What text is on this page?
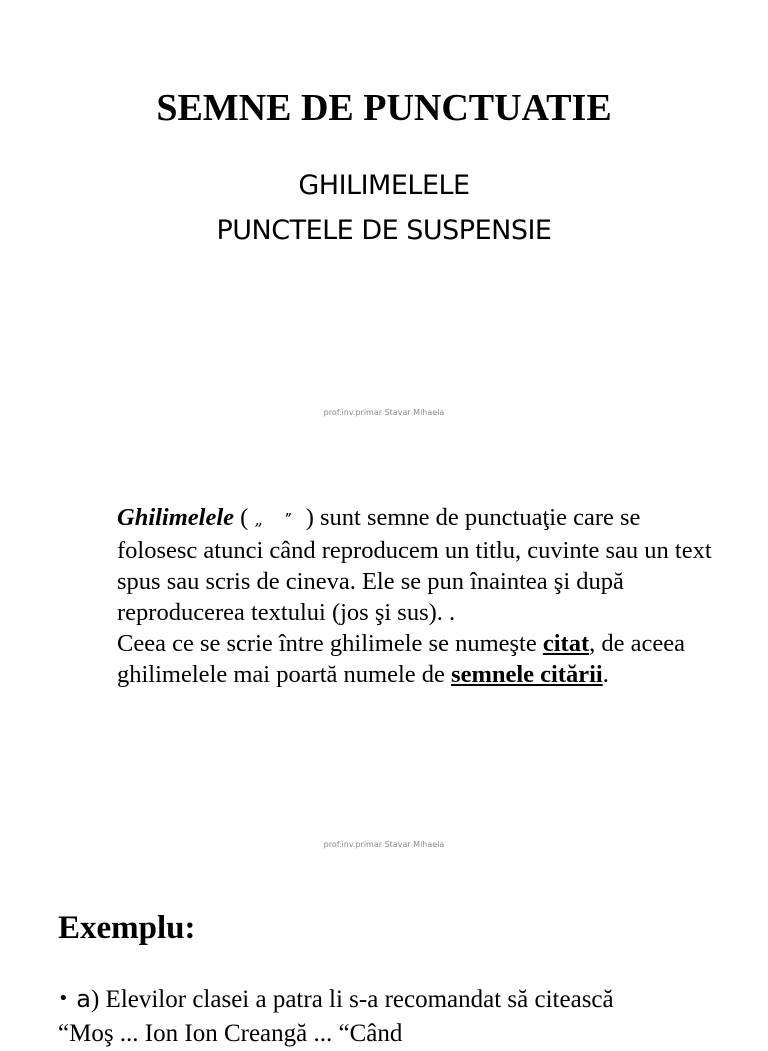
SEMNE DE PUNCTUATIE

GHILIMELELE

PUNCTELE DE SUSPENSIE

prof.inv.primar Stavar Mihaela

Ghilimelele ( „ ˮ ) sunt semne de punctuaţie care se folosesc atunci când reproducem un titlu, cuvinte sau un text spus sau scris de cineva. Ele se pun înaintea şi după reproducerea textului (jos şi sus). .
Ceea ce se scrie între ghilimele se numeşte citat, de aceea ghilimelele mai poartă numele de semnele citării.

prof.inv.primar Stavar Mihaela

Exemplu:
• a) Elevilor clasei a patra li s-a recomandat să citească
“Moş ... Ion Ion Creangă ... “Când
